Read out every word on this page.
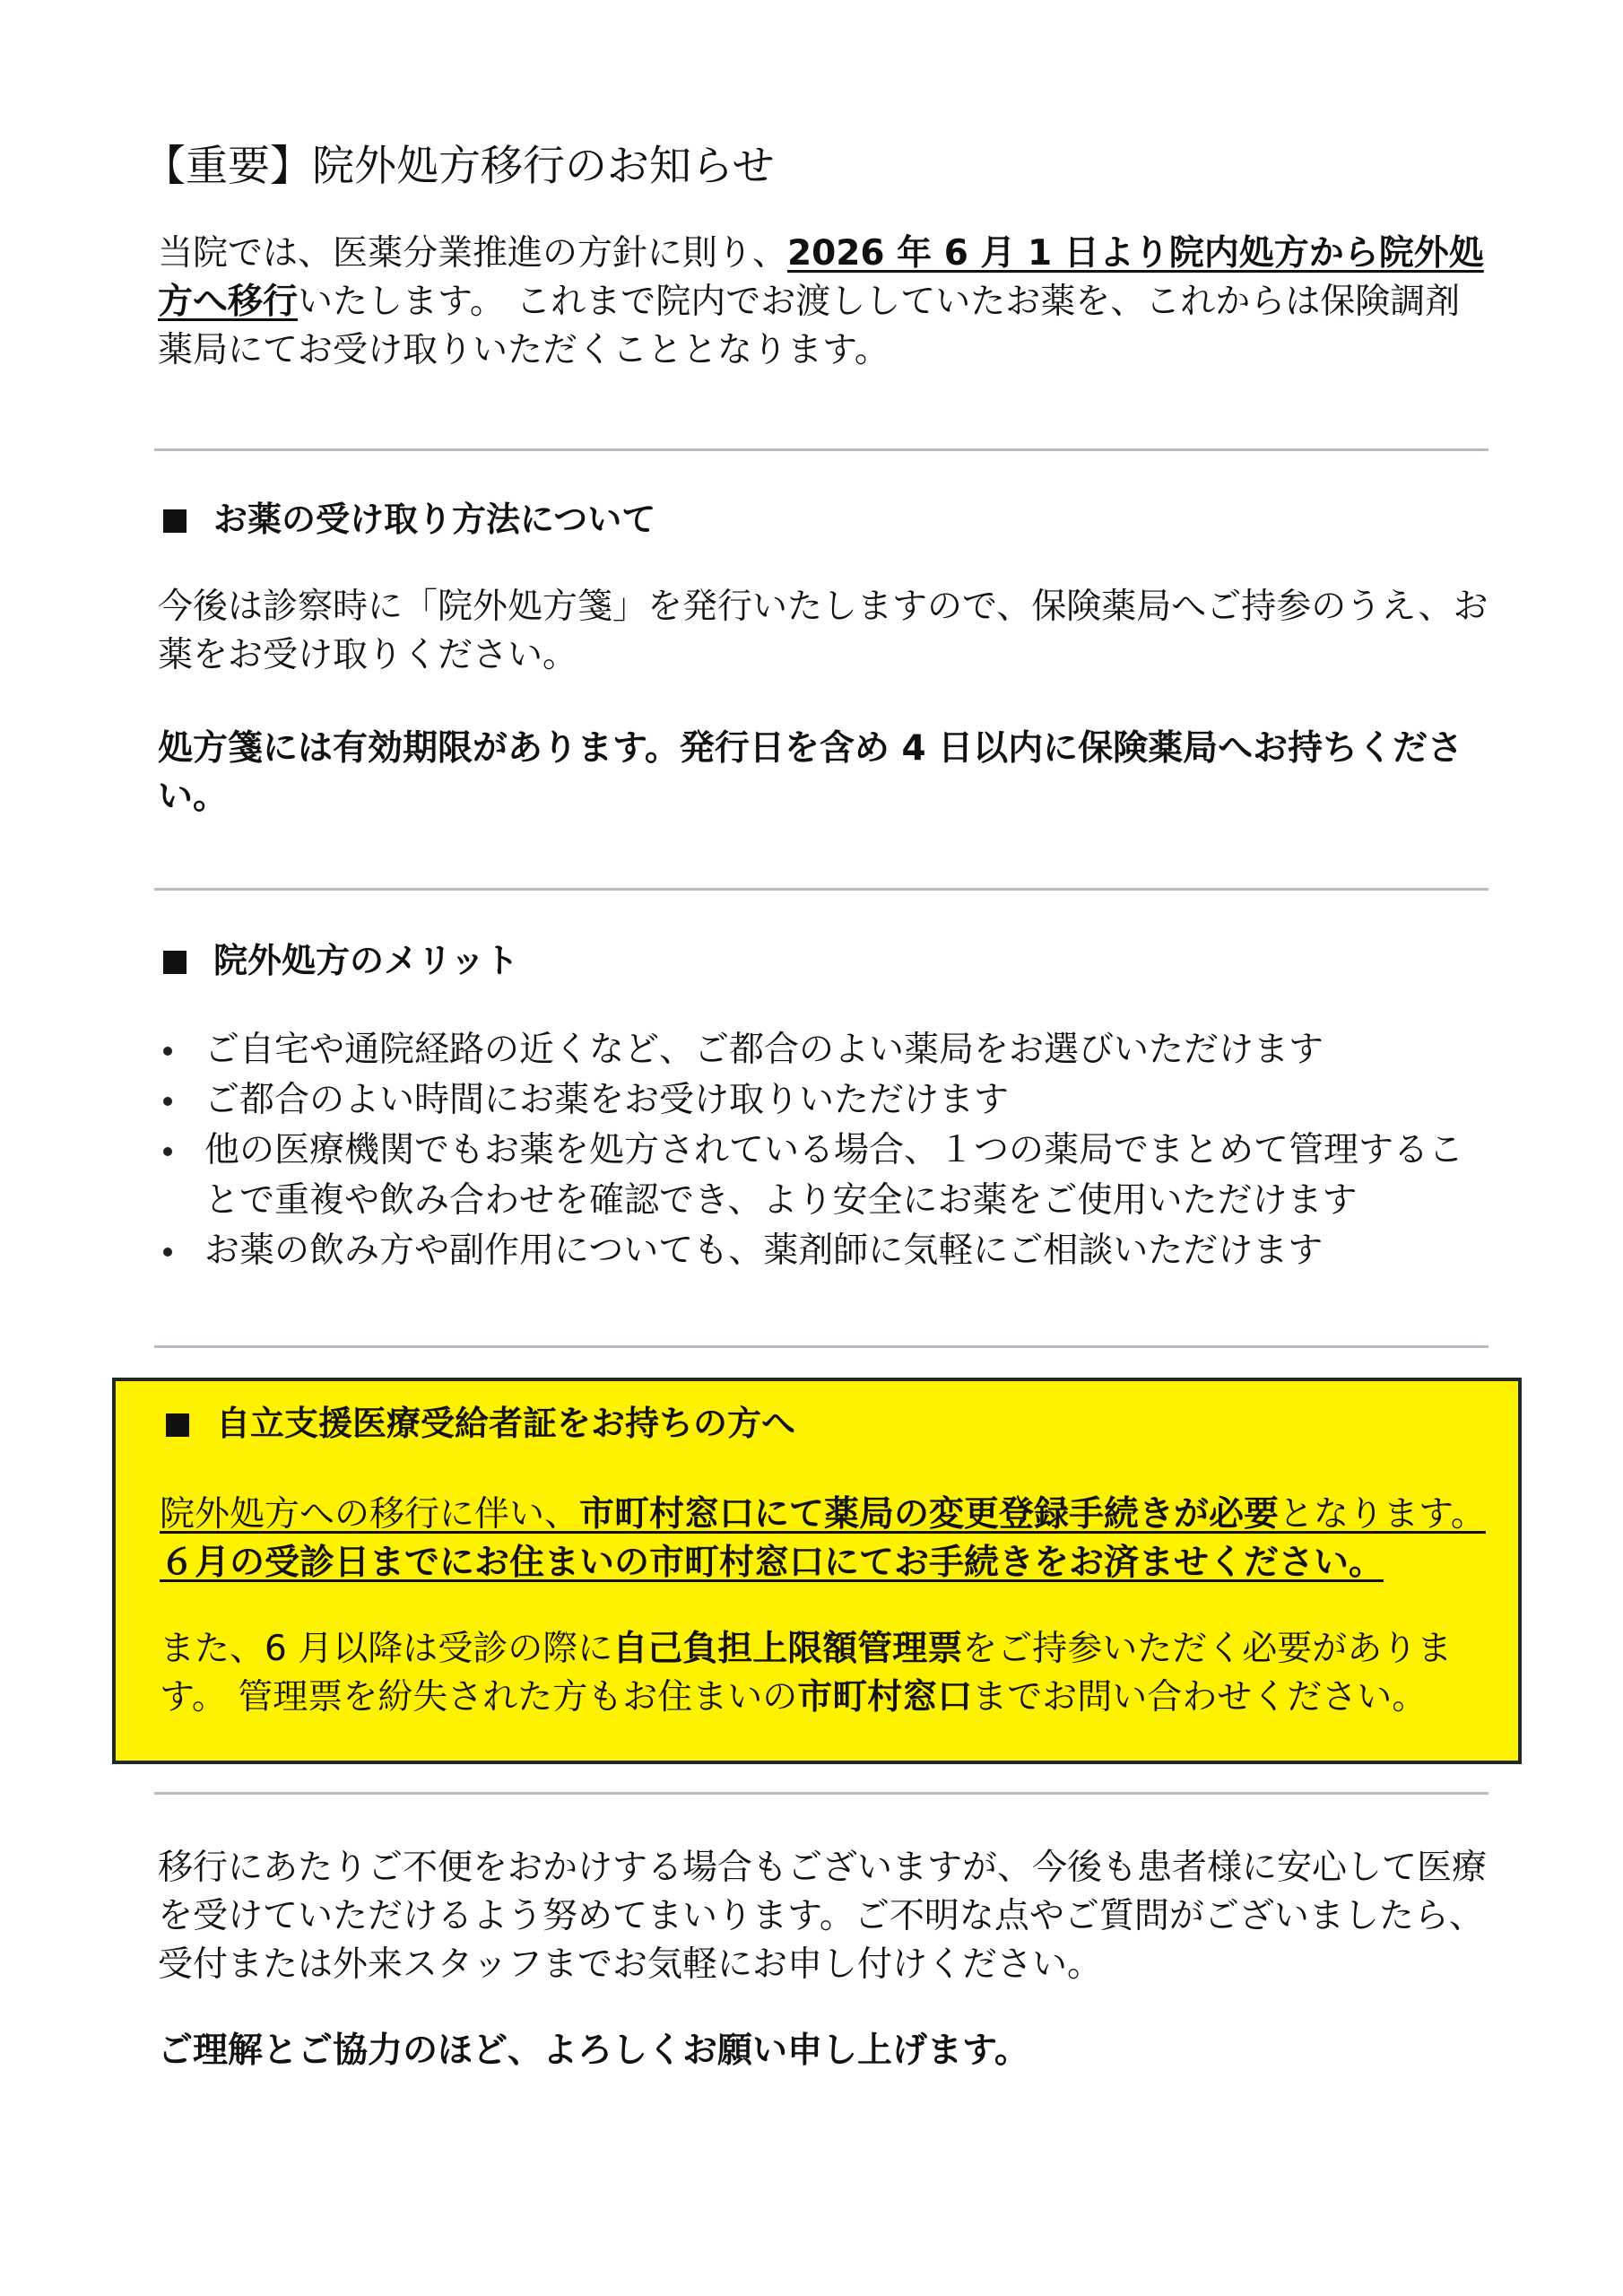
【重要】院外処方移行のお知らせ

当院では、医薬分業推進の方針に則り、2026 年 6 月 1 日より院内処方から院外処方へ移行いたします。 これまで院内でお渡ししていたお薬を、これからは保険調剤薬局にてお受け取りいただくこととなります。

お薬の受け取り方法について

今後は診察時に「院外処方箋」を発行いたしますので、保険薬局へご持参のうえ、お薬をお受け取りください。

処方箋には有効期限があります。発行日を含め 4 日以内に保険薬局へお持ちください。

院外処方のメリット
ご自宅や通院経路の近くなど、ご都合のよい薬局をお選びいただけます
ご都合のよい時間にお薬をお受け取りいただけます
他の医療機関でもお薬を処方されている場合、１つの薬局でまとめて管理することで重複や飲み合わせを確認でき、より安全にお薬をご使用いただけます
お薬の飲み方や副作用についても、薬剤師に気軽にご相談いただけます
自立支援医療受給者証をお持ちの方へ

院外処方への移行に伴い、市町村窓口にて薬局の変更登録手続きが必要となります。６月の受診日までにお住まいの市町村窓口にてお手続きをお済ませください。

また、6 月以降は受診の際に自己負担上限額管理票をご持参いただく必要があります。 管理票を紛失された方もお住まいの市町村窓口までお問い合わせください。

移行にあたりご不便をおかけする場合もございますが、今後も患者様に安心して医療を受けていただけるよう努めてまいります。ご不明な点やご質問がございましたら、受付または外来スタッフまでお気軽にお申し付けください。

ご理解とご協力のほど、よろしくお願い申し上げます。
